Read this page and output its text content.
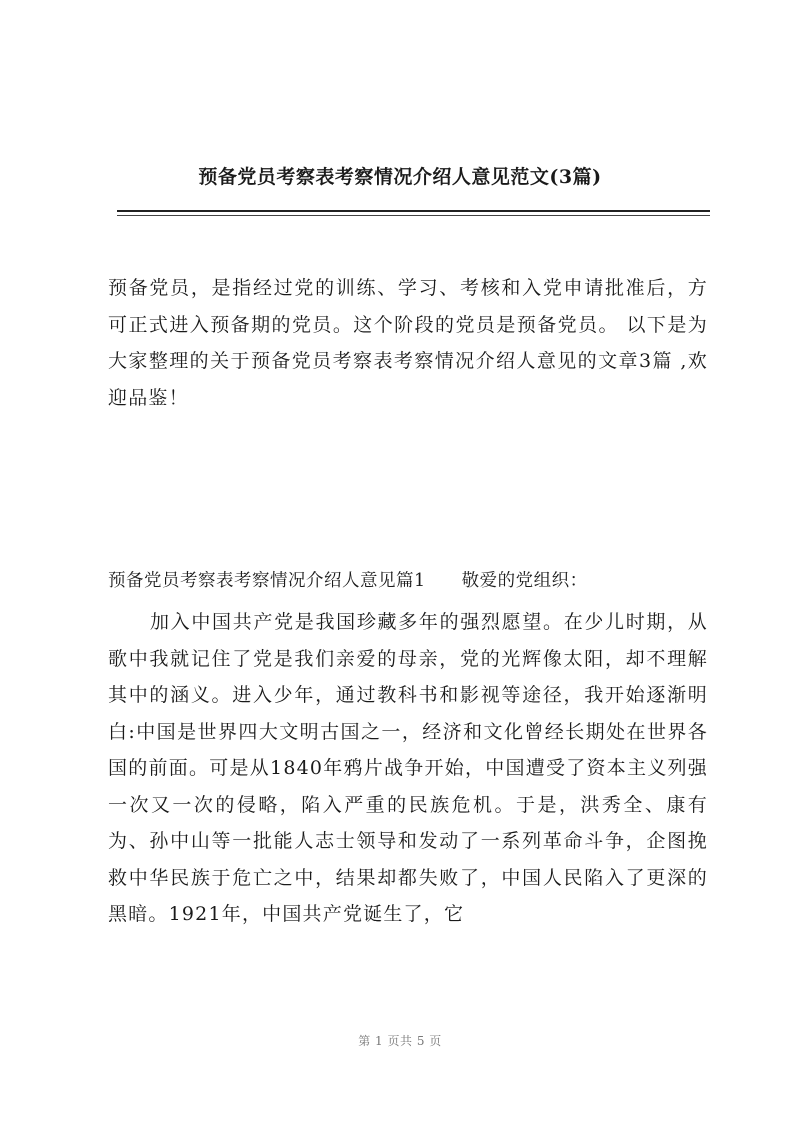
预备党员考察表考察情况介绍人意见范文(3篇)

预备党员，是指经过党的训练、学习、考核和入党申请批准后，方可正式进入预备期的党员。这个阶段的党员是预备党员。 以下是为大家整理的关于预备党员考察表考察情况介绍人意见的文章3篇 ,欢迎品鉴！

预备党员考察表考察情况介绍人意见篇1 敬爱的党组织：

加入中国共产党是我国珍藏多年的强烈愿望。在少儿时期，从歌中我就记住了党是我们亲爱的母亲，党的光辉像太阳，却不理解其中的涵义。进入少年，通过教科书和影视等途径，我开始逐渐明白:中国是世界四大文明古国之一，经济和文化曾经长期处在世界各国的前面。可是从1840年鸦片战争开始，中国遭受了资本主义列强一次又一次的侵略，陷入严重的民族危机。于是，洪秀全、康有为、孙中山等一批能人志士领导和发动了一系列革命斗争，企图挽救中华民族于危亡之中，结果却都失败了，中国人民陷入了更深的黑暗。1921年，中国共产党诞生了，它

第 1 页共 5 页
